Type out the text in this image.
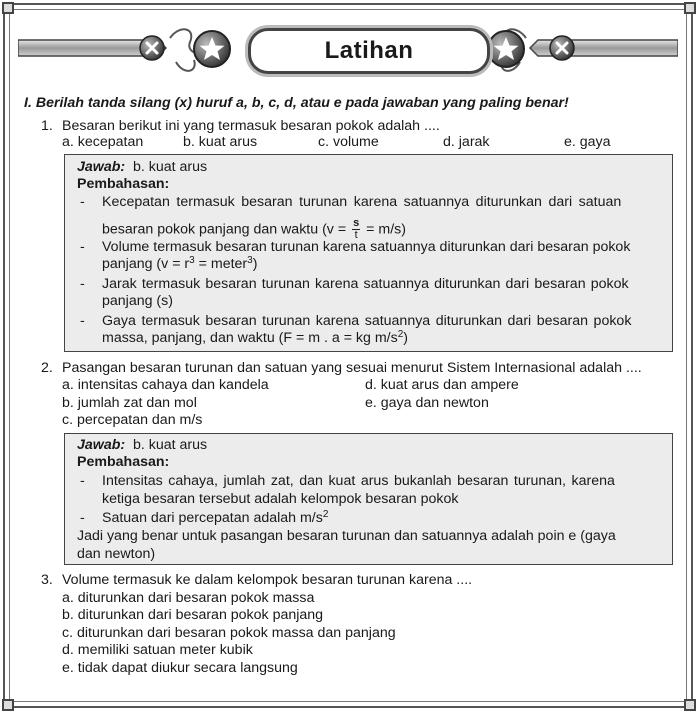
Latihan
I. Berilah tanda silang (x) huruf a, b, c, d, atau e pada jawaban yang paling benar!
1. Besaran berikut ini yang termasuk besaran pokok adalah ....
a. kecepatan	b. kuat arus	c. volume	d. jarak	e. gaya
Jawab: b. kuat arus
Pembahasan:
- Kecepatan termasuk besaran turunan karena satuannya diturunkan dari satuan
besaran pokok panjang dan waktu $(v = \frac{s}{t} = m/s)$
- Volume termasuk besaran turunan karena satuannya diturunkan dari besaran pokok
panjang ($v = r^3$ = meter$^3$)
- Jarak termasuk besaran turunan karena satuannya diturunkan dari besaran pokok
panjang (s)
- Gaya termasuk besaran turunan karena satuannya diturunkan dari besaran pokok
massa, panjang, dan waktu (F = m . a = kg $m/s^2$)
2. Pasangan besaran turunan dan satuan yang sesuai menurut Sistem Internasional adalah ....
a. intensitas cahaya dan kandela
b. jumlah zat dan mol
c. percepatan dan m/s
d. kuat arus dan ampere
e. gaya dan newton
Jawab: b. kuat arus
Pembahasan:
- Intensitas cahaya, jumlah zat, dan kuat arus bukanlah besaran turunan, karena
ketiga besaran tersebut adalah kelompok besaran pokok
- Satuan dari percepatan adalah $m/s^2$
Jadi yang benar untuk pasangan besaran turunan dan satuannya adalah poin e (gaya
dan newton)
3. Volume termasuk ke dalam kelompok besaran turunan karena ....
a. diturunkan dari besaran pokok massa
b. diturunkan dari besaran pokok panjang
c. diturunkan dari besaran pokok massa dan panjang
d. memiliki satuan meter kubik
e. tidak dapat diukur secara langsung
